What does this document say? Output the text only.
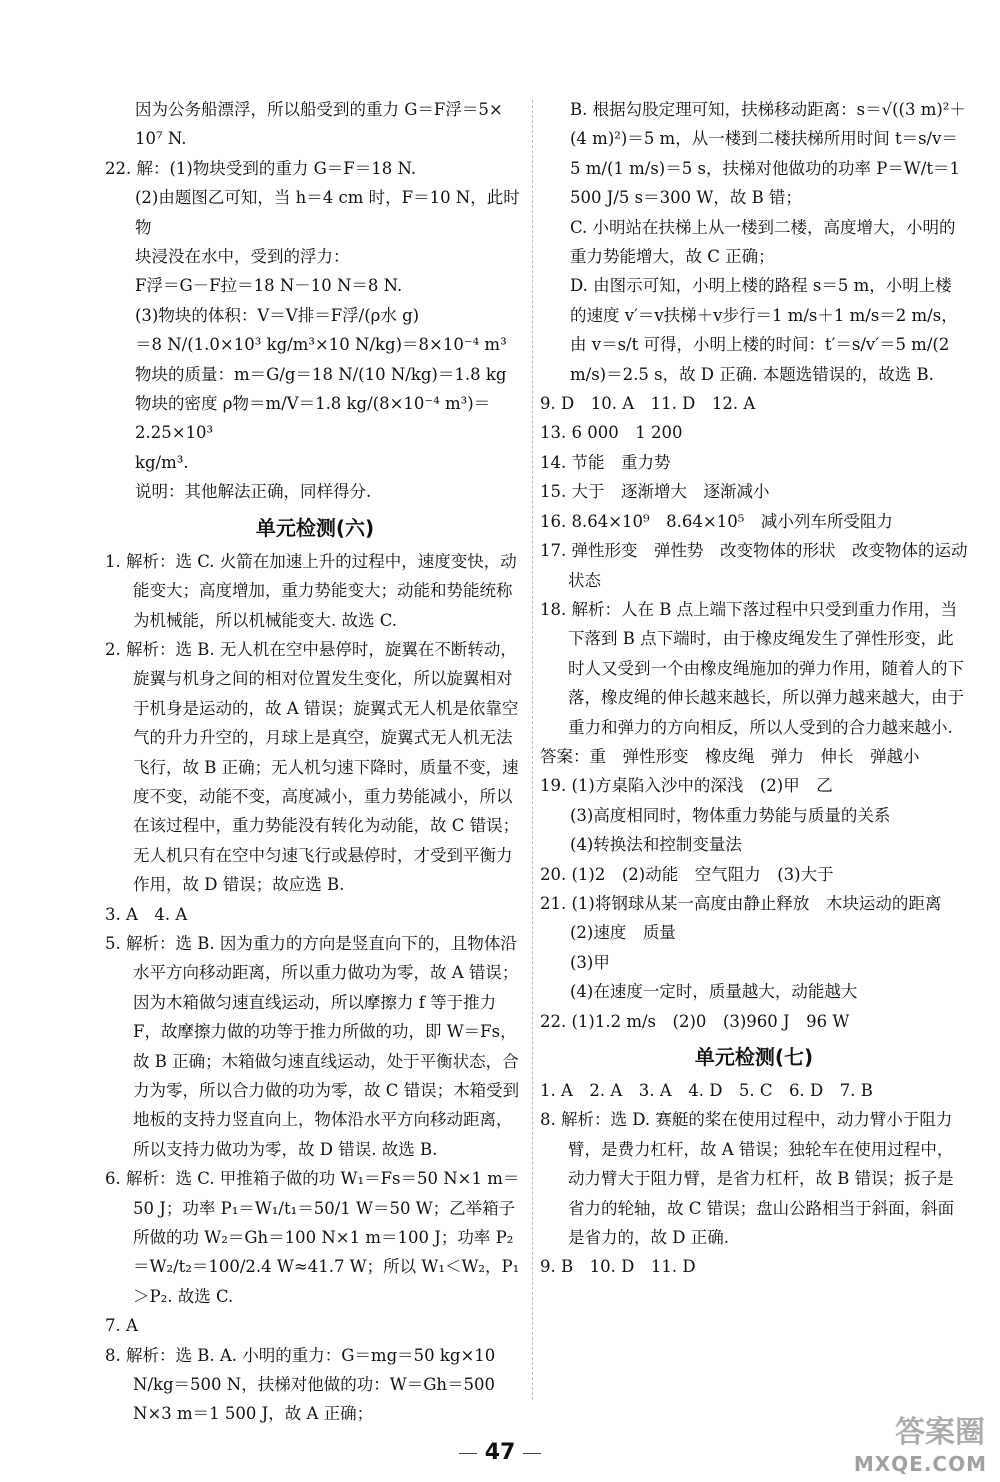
因为公务船漂浮，所以船受到的重力 G＝F浮＝5×

10⁷ N.

22. 解：(1)物块受到的重力 G＝F＝18 N.

(2)由题图乙可知，当 h＝4 cm 时，F＝10 N，此时物

块浸没在水中，受到的浮力：

F浮＝G－F拉＝18 N－10 N＝8 N.

(3)物块的体积：V＝V排＝F浮/(ρ水 g)

＝8 N/(1.0×10³ kg/m³×10 N/kg)＝8×10⁻⁴ m³

物块的质量：m＝G/g＝18 N/(10 N/kg)＝1.8 kg

物块的密度 ρ物＝m/V＝1.8 kg/(8×10⁻⁴ m³)＝2.25×10³

kg/m³.

说明：其他解法正确，同样得分.

单元检测(六)

1. 解析：选 C. 火箭在加速上升的过程中，速度变快，动能变大；高度增加，重力势能变大；动能和势能统称为机械能，所以机械能变大. 故选 C.

2. 解析：选 B. 无人机在空中悬停时，旋翼在不断转动，旋翼与机身之间的相对位置发生变化，所以旋翼相对于机身是运动的，故 A 错误；旋翼式无人机是依靠空气的升力升空的，月球上是真空，旋翼式无人机无法飞行，故 B 正确；无人机匀速下降时，质量不变，速度不变，动能不变，高度减小，重力势能减小，所以在该过程中，重力势能没有转化为动能，故 C 错误；无人机只有在空中匀速飞行或悬停时，才受到平衡力作用，故 D 错误；故应选 B.

3. A　4. A

5. 解析：选 B. 因为重力的方向是竖直向下的，且物体沿水平方向移动距离，所以重力做功为零，故 A 错误；因为木箱做匀速直线运动，所以摩擦力 f 等于推力 F，故摩擦力做的功等于推力所做的功，即 W＝Fs，故 B 正确；木箱做匀速直线运动，处于平衡状态，合力为零，所以合力做的功为零，故 C 错误；木箱受到地板的支持力竖直向上，物体沿水平方向移动距离，所以支持力做功为零，故 D 错误. 故选 B.

6. 解析：选 C. 甲推箱子做的功 W₁＝Fs＝50 N×1 m＝50 J；功率 P₁＝W₁/t₁＝50/1 W＝50 W；乙举箱子所做的功 W₂＝Gh＝100 N×1 m＝100 J；功率 P₂＝W₂/t₂＝100/2.4 W≈41.7 W；所以 W₁＜W₂，P₁＞P₂. 故选 C.

7. A

8. 解析：选 B. A. 小明的重力：G＝mg＝50 kg×10 N/kg＝500 N，扶梯对他做的功：W＝Gh＝500 N×3 m＝1 500 J，故 A 正确；

B. 根据勾股定理可知，扶梯移动距离：s＝√((3 m)²＋(4 m)²)＝5 m，从一楼到二楼扶梯所用时间 t＝s/v＝5 m/(1 m/s)＝5 s，扶梯对他做功的功率 P＝W/t＝1 500 J/5 s＝300 W，故 B 错；

C. 小明站在扶梯上从一楼到二楼，高度增大，小明的重力势能增大，故 C 正确；

D. 由图示可知，小明上楼的路程 s＝5 m，小明上楼的速度 v′＝v扶梯＋v步行＝1 m/s＋1 m/s＝2 m/s，

由 v＝s/t 可得，小明上楼的时间：t′＝s/v′＝5 m/(2 m/s)＝2.5 s，故 D 正确. 本题选错误的，故选 B.

9. D　10. A　11. D　12. A

13. 6 000　1 200

14. 节能　重力势

15. 大于　逐渐增大　逐渐减小

16. 8.64×10⁹　8.64×10⁵　减小列车所受阻力

17. 弹性形变　弹性势　改变物体的形状　改变物体的运动状态

18. 解析：人在 B 点上端下落过程中只受到重力作用，当下落到 B 点下端时，由于橡皮绳发生了弹性形变，此时人又受到一个由橡皮绳施加的弹力作用，随着人的下落，橡皮绳的伸长越来越长，所以弹力越来越大，由于重力和弹力的方向相反，所以人受到的合力越来越小.

答案：重　弹性形变　橡皮绳　弹力　伸长　弹越小

19. (1)方桌陷入沙中的深浅　(2)甲　乙

(3)高度相同时，物体重力势能与质量的关系

(4)转换法和控制变量法

20. (1)2　(2)动能　空气阻力　(3)大于

21. (1)将钢球从某一高度由静止释放　木块运动的距离

(2)速度　质量

(3)甲

(4)在速度一定时，质量越大，动能越大

22. (1)1.2 m/s　(2)0　(3)960 J　96 W

单元检测(七)

1. A　2. A　3. A　4. D　5. C　6. D　7. B

8. 解析：选 D. 赛艇的桨在使用过程中，动力臂小于阻力臂，是费力杠杆，故 A 错误；独轮车在使用过程中，动力臂大于阻力臂，是省力杠杆，故 B 错误；扳子是省力的轮轴，故 C 错误；盘山公路相当于斜面，斜面是省力的，故 D 正确.

9. B　10. D　11. D

47
答案圈
MXQE.COM
